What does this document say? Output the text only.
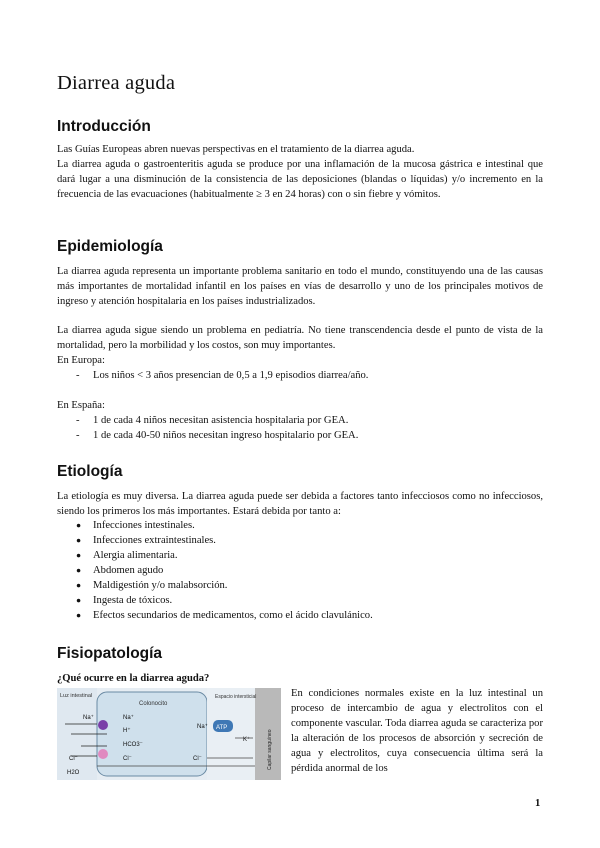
Diarrea aguda
Introducción

Las Guías Europeas abren nuevas perspectivas en el tratamiento de la diarrea aguda.

La diarrea aguda o gastroenteritis aguda se produce por una inflamación de la mucosa gástrica e intestinal que dará lugar a una disminución de la consistencia de las deposiciones (blandas o líquidas) y/o incremento en la frecuencia de las evacuaciones (habitualmente ≥ 3 en 24 horas) con o sin fiebre y vómitos.

Epidemiología

La diarrea aguda representa un importante problema sanitario en todo el mundo, constituyendo una de las causas más importantes de mortalidad infantil en los países en vías de desarrollo y uno de los principales motivos de ingreso y atención hospitalaria en los países industrializados.

La diarrea aguda sigue siendo un problema en pediatría. No tiene transcendencia desde el punto de vista de la mortalidad, pero la morbilidad y los costos, son muy importantes.

En Europa:

- Los niños < 3 años presencian de 0,5 a 1,9 episodios diarrea/año.

En España:

- 1 de cada 4 niños necesitan asistencia hospitalaria por GEA.
- 1 de cada 40-50 niños necesitan ingreso hospitalario por GEA.
Etiología

La etiología es muy diversa. La diarrea aguda puede ser debida a factores tanto infecciosos como no infecciosos, siendo los primeros los más importantes. Estará debida por tanto a:

● Infecciones intestinales.
● Infecciones extraintestinales.
● Alergia alimentaria.
● Abdomen agudo
● Maldigestión y/o malabsorción.
● Ingesta de tóxicos.
● Efectos secundarios de medicamentos, como el ácido clavulánico.
Fisiopatología

¿Qué ocurre en la diarrea aguda?

Luz intestinal
Colonocito
Espacio intersticial
Capilar sanguíneo
Na⁺	Na⁺
H⁺
HCO3⁻
Cl⁻	Cl⁻	Cl⁻
Na⁺
K⁺
H2O
ATP

En condiciones normales existe en la luz intestinal un proceso de intercambio de agua y electrolitos con el componente vascular. Toda diarrea aguda se caracteriza por la alteración de los procesos de absorción y secreción de agua y electrolitos, cuya consecuencia última será la pérdida anormal de los

1
